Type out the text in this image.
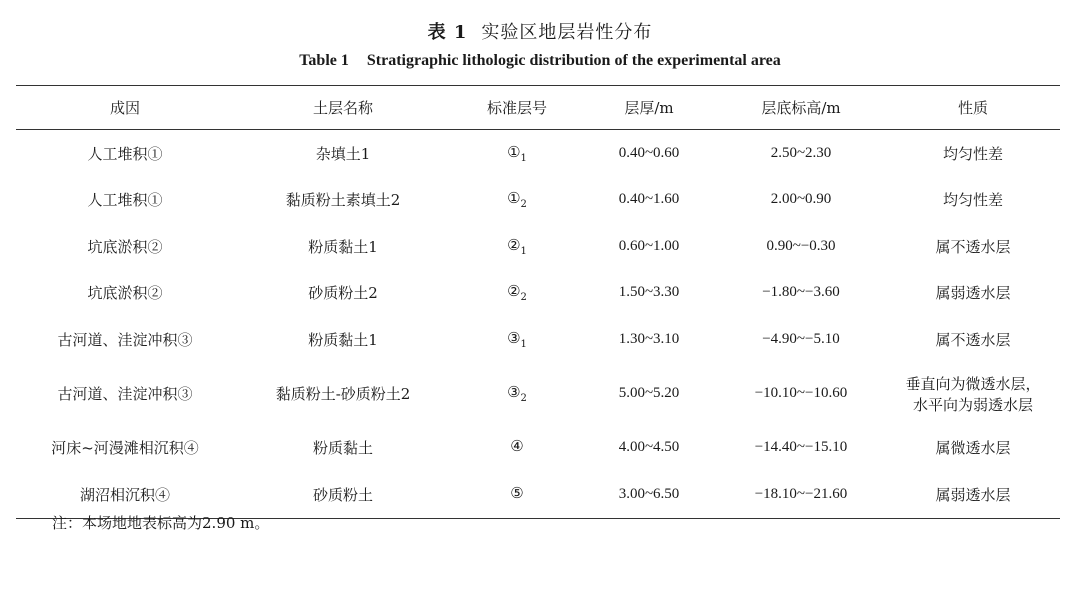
表 1 实验区地层岩性分布
Table 1 Stratigraphic lithologic distribution of the experimental area
成因	土层名称	标准层号	层厚/m	层底标高/m	性质
人工堆积①	杂填土1	$①_1$	0.40~0.60	2.50~2.30	均匀性差

人工堆积①	黏质粉土素填土2	$①_2$	0.40~1.60	2.00~0.90	均匀性差

坑底淤积②	粉质黏土1	$②_1$	0.60~1.00	0.90~−0.30	属不透水层

坑底淤积②	砂质粉土2	$②_2$	1.50~3.30	−1.80~−3.60	属弱透水层

古河道、洼淀冲积③	粉质黏土1	$③_1$	1.30~3.10	−4.90~−5.10	属不透水层

古河道、洼淀冲积③	黏质粉土-砂质粉土2	$③_2$	5.00~5.20	−10.10~−10.60	垂直向为微透水层，
水平向为弱透水层

河床~河漫滩相沉积④	粉质黏土	④	4.00~4.50	−14.40~−15.10	属微透水层

湖沼相沉积④	砂质粉土	⑤	3.00~6.50	−18.10~−21.60	属弱透水层
注：本场地地表标高为2.90 m。
